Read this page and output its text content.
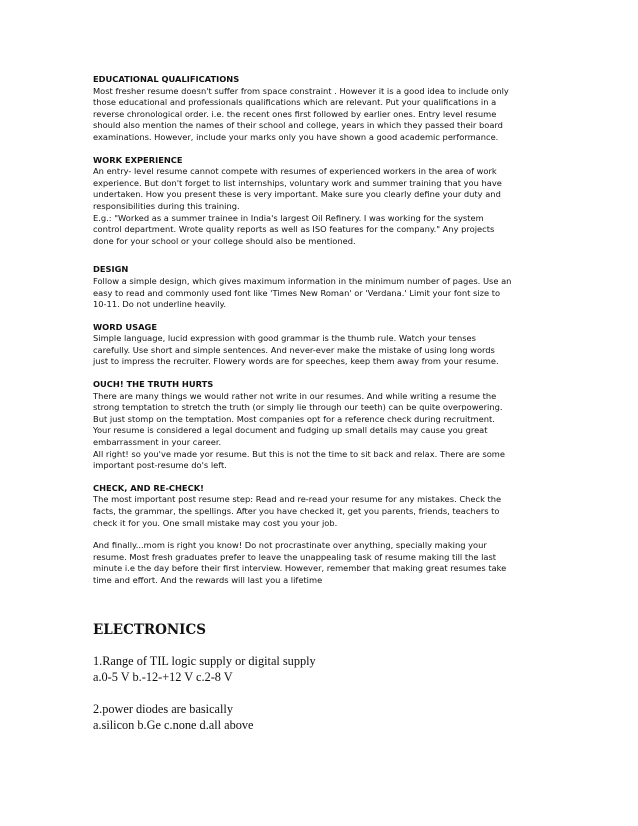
EDUCATIONAL QUALIFICATIONS

Most fresher resume doesn't suffer from space constraint . However it is a good idea to include only

those educational and professionals qualifications which are relevant. Put your qualifications in a

reverse chronological order. i.e. the recent ones first followed by earlier ones. Entry level resume

should also mention the names of their school and college, years in which they passed their board

examinations. However, include your marks only you have shown a good academic performance.

WORK EXPERIENCE

An entry- level resume cannot compete with resumes of experienced workers in the area of work

experience. But don't forget to list internships, voluntary work and summer training that you have

undertaken. How you present these is very important. Make sure you clearly define your duty and

responsibilities during this training.

E.g.: "Worked as a summer trainee in India's largest Oil Refinery. I was working for the system

control department. Wrote quality reports as well as ISO features for the company." Any projects

done for your school or your college should also be mentioned.

DESIGN

Follow a simple design, which gives maximum information in the minimum number of pages. Use an

easy to read and commonly used font like 'Times New Roman' or 'Verdana.' Limit your font size to

10-11. Do not underline heavily.

WORD USAGE

Simple language, lucid expression with good grammar is the thumb rule. Watch your tenses

carefully. Use short and simple sentences. And never-ever make the mistake of using long words

just to impress the recruiter. Flowery words are for speeches, keep them away from your resume.

OUCH! THE TRUTH HURTS

There are many things we would rather not write in our resumes. And while writing a resume the

strong temptation to stretch the truth (or simply lie through our teeth) can be quite overpowering.

But just stomp on the temptation. Most companies opt for a reference check during recruitment.

Your resume is considered a legal document and fudging up small details may cause you great

embarrassment in your career.

All right! so you've made yor resume. But this is not the time to sit back and relax. There are some

important post-resume do's left.

CHECK, AND RE-CHECK!

The most important post resume step: Read and re-read your resume for any mistakes. Check the

facts, the grammar, the spellings. After you have checked it, get you parents, friends, teachers to

check it for you. One small mistake may cost you your job.

And finally...mom is right you know! Do not procrastinate over anything, specially making your

resume. Most fresh graduates prefer to leave the unappealing task of resume making till the last

minute i.e the day before their first interview. However, remember that making great resumes take

time and effort. And the rewards will last you a lifetime

ELECTRONICS

1.Range of TIL logic supply or digital supply

a.0-5 V b.-12-+12 V c.2-8 V

2.power diodes are basically

a.silicon b.Ge c.none d.all above
